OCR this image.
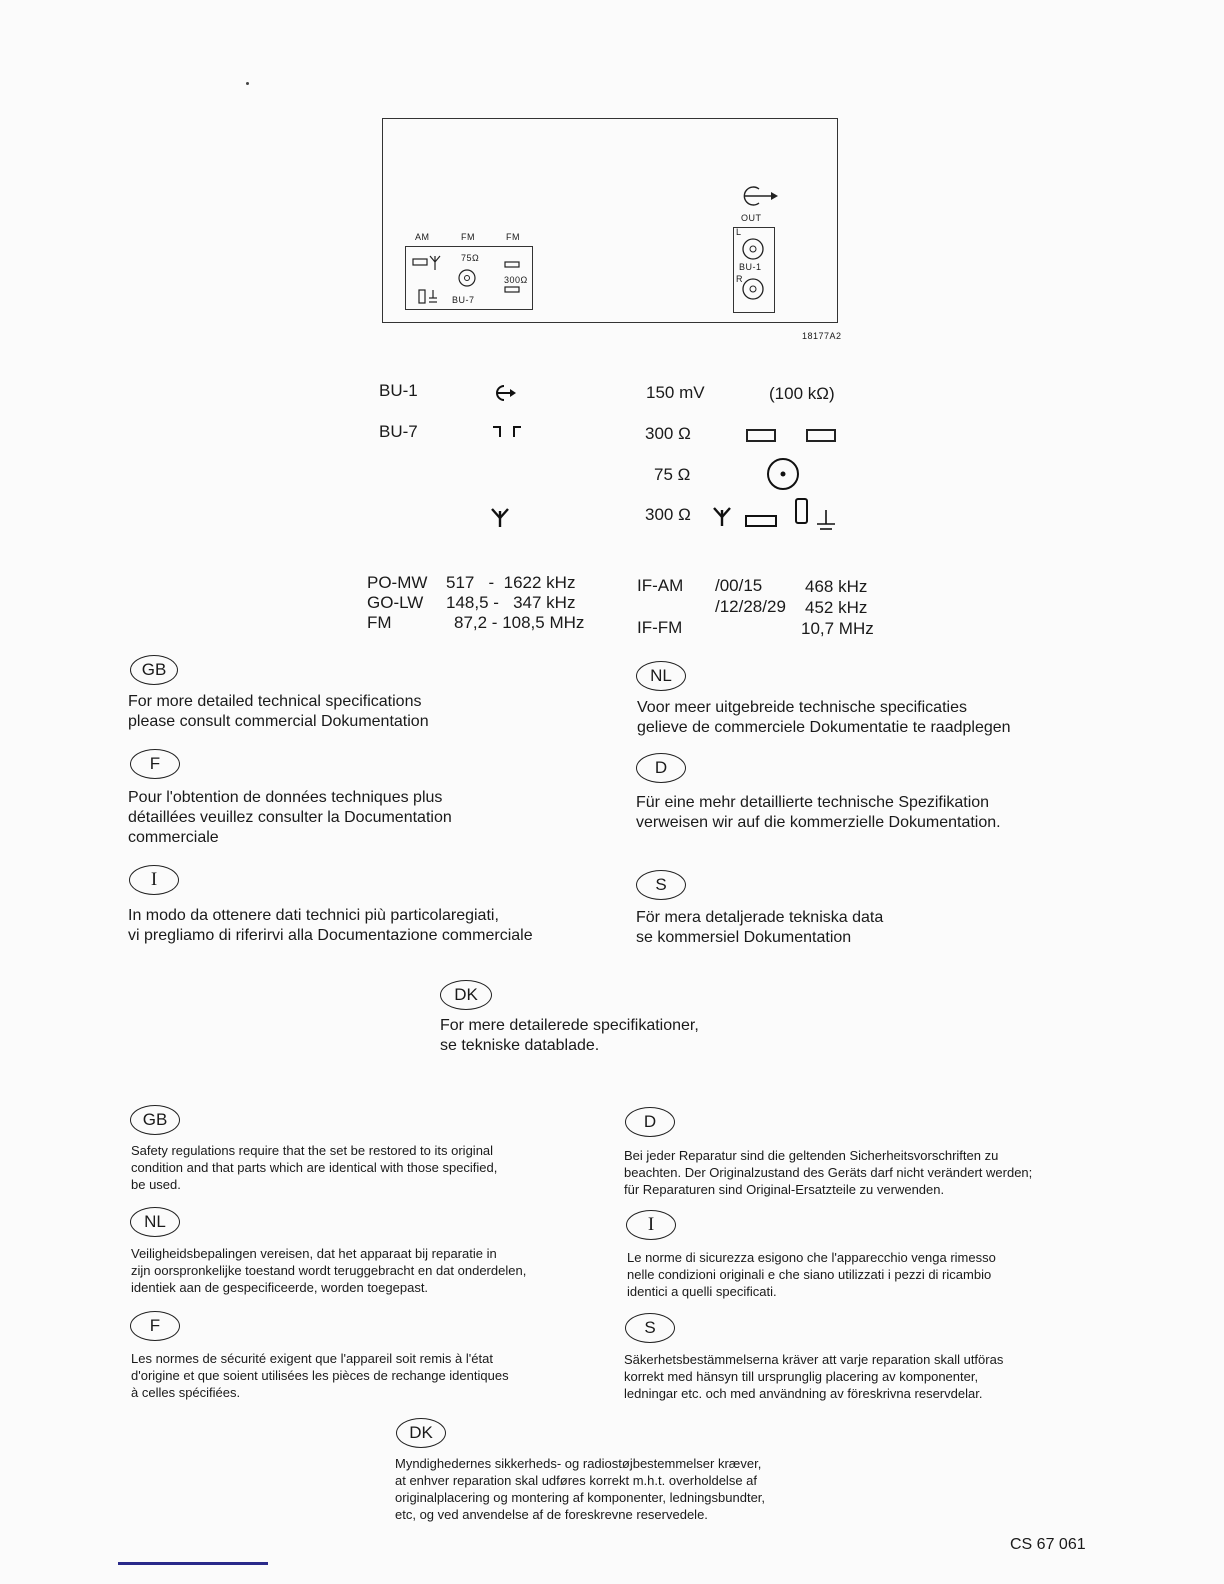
AM	FM	FM
75Ω
300Ω
BU-7
OUT
L
BU-1
R
18177A2
BU-1	150 mV	(100 kΩ)
BU-7	300 Ω
75 Ω
300 Ω
PO-MW 517   -  1622 kHz
GO-LW 148,5 -   347 kHz
FM	87,2 - 108,5 MHz
IF-AM /00/15	468 kHz
/12/28/29 452 kHz
IF-FM	10,7 MHz
GB
For more detailed technical specifications
please consult commercial Dokumentation
NL
Voor meer uitgebreide technische specificaties
gelieve de commerciele Dokumentatie te raadplegen
F
Pour l'obtention de données techniques plus
détaillées veuillez consulter la Documentation
commerciale
D
Für eine mehr detaillierte technische Spezifikation
verweisen wir auf die kommerzielle Dokumentation.
I
In modo da ottenere dati technici più particolaregiati,
vi pregliamo di riferirvi alla Documentazione commerciale
S
För mera detaljerade tekniska data
se kommersiel Dokumentation
DK
For mere detailerede specifikationer,
se tekniske datablade.
GB
Safety regulations require that the set be restored to its original
condition and that parts which are identical with those specified,
be used.
D
Bei jeder Reparatur sind die geltenden Sicherheitsvorschriften zu
beachten. Der Originalzustand des Geräts darf nicht verändert werden;
für Reparaturen sind Original-Ersatzteile zu verwenden.
NL
Veiligheidsbepalingen vereisen, dat het apparaat bij reparatie in
zijn oorspronkelijke toestand wordt teruggebracht en dat onderdelen,
identiek aan de gespecificeerde, worden toegepast.
I
Le norme di sicurezza esigono che l'apparecchio venga rimesso
nelle condizioni originali e che siano utilizzati i pezzi di ricambio
identici a quelli specificati.
F
Les normes de sécurité exigent que l'appareil soit remis à l'état
d'origine et que soient utilisées les pièces de rechange identiques
à celles spécifiées.
S
Säkerhetsbestämmelserna kräver att varje reparation skall utföras
korrekt med hänsyn till ursprunglig placering av komponenter,
ledningar etc. och med användning av föreskrivna reservdelar.
DK
Myndighedernes sikkerheds- og radiostøjbestemmelser kræver,
at enhver reparation skal udføres korrekt m.h.t. overholdelse af
originalplacering og montering af komponenter, ledningsbundter,
etc, og ved anvendelse af de foreskrevne reservedele.
CS 67 061
